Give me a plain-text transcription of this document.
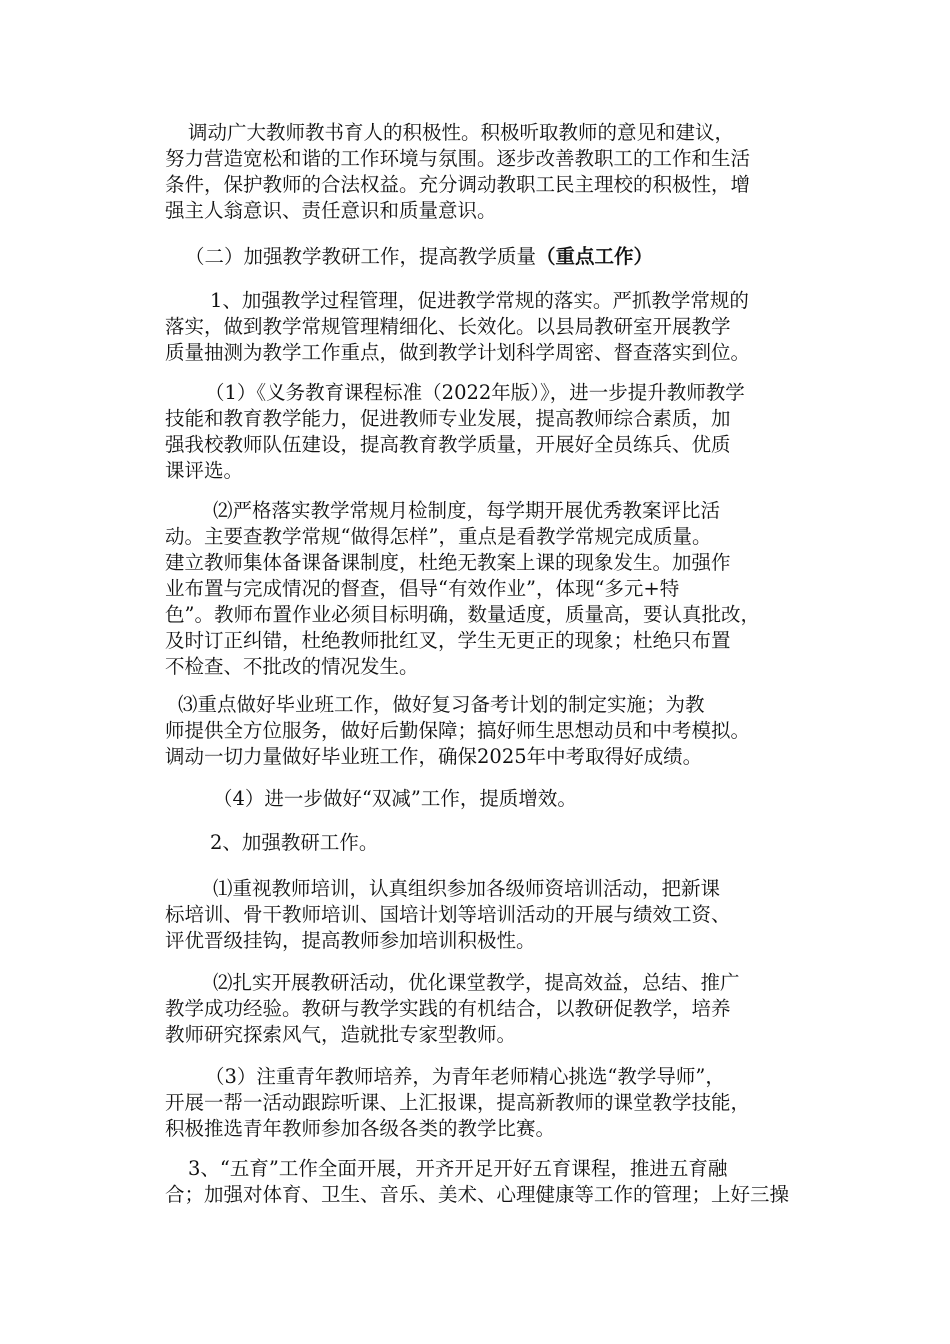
调动广大教师教书育人的积极性。积极听取教师的意见和建议，
努力营造宽松和谐的工作环境与氛围。逐步改善教职工的工作和生活
条件，保护教师的合法权益。充分调动教职工民主理校的积极性，增
强主人翁意识、责任意识和质量意识。
（二）加强教学教研工作，提高教学质量（重点工作）
1、加强教学过程管理，促进教学常规的落实。严抓教学常规的
落实，做到教学常规管理精细化、长效化。以县局教研室开展教学
质量抽测为教学工作重点，做到教学计划科学周密、督查落实到位。
（1）《义务教育课程标准（2022年版）》，进一步提升教师教学
技能和教育教学能力，促进教师专业发展，提高教师综合素质，加
强我校教师队伍建设，提高教育教学质量，开展好全员练兵、优质
课评选。
⑵严格落实教学常规月检制度，每学期开展优秀教案评比活
动。主要查教学常规“做得怎样”，重点是看教学常规完成质量。
建立教师集体备课备课制度，杜绝无教案上课的现象发生。加强作
业布置与完成情况的督查，倡导“有效作业”，体现“多元+特
色”。教师布置作业必须目标明确，数量适度，质量高，要认真批改，
及时订正纠错，杜绝教师批红叉，学生无更正的现象；杜绝只布置
不检查、不批改的情况发生。
⑶重点做好毕业班工作，做好复习备考计划的制定实施；为教
师提供全方位服务，做好后勤保障；搞好师生思想动员和中考模拟。
调动一切力量做好毕业班工作，确保2025年中考取得好成绩。
（4）进一步做好“双减”工作，提质增效。
2、加强教研工作。
⑴重视教师培训，认真组织参加各级师资培训活动，把新课
标培训、骨干教师培训、国培计划等培训活动的开展与绩效工资、
评优晋级挂钩，提高教师参加培训积极性。
⑵扎实开展教研活动，优化课堂教学，提高效益，总结、推广
教学成功经验。教研与教学实践的有机结合，以教研促教学，培养
教师研究探索风气，造就批专家型教师。
（3）注重青年教师培养，为青年老师精心挑选“教学导师”，
开展一帮一活动跟踪听课、上汇报课，提高新教师的课堂教学技能，
积极推选青年教师参加各级各类的教学比赛。
3、“五育”工作全面开展，开齐开足开好五育课程，推进五育融
合；加强对体育、卫生、音乐、美术、心理健康等工作的管理；上好三操
